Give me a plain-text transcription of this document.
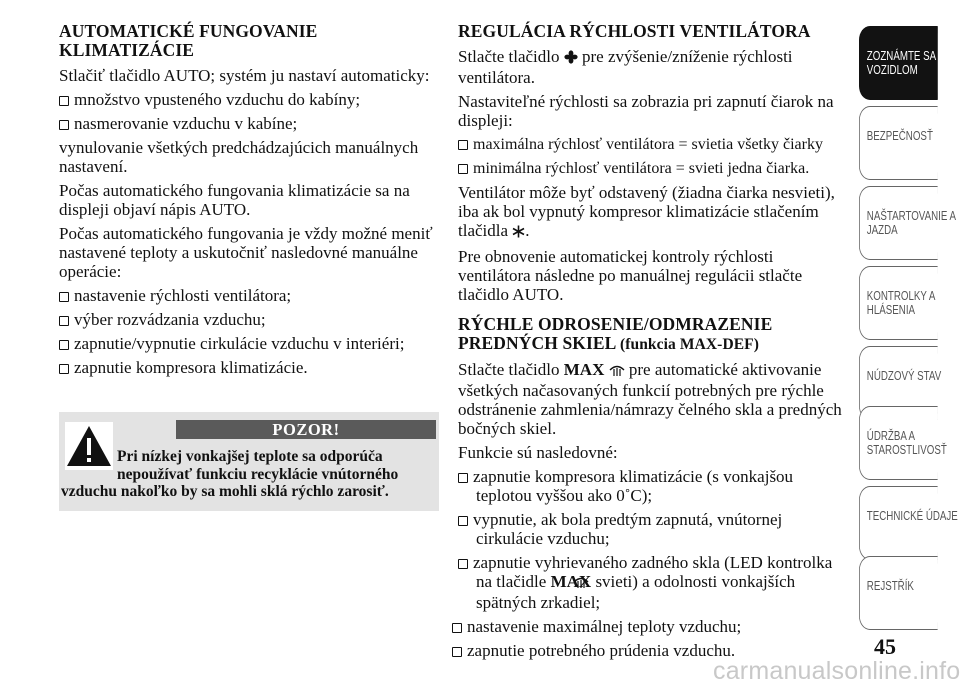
AUTOMATICKÉ FUNGOVANIE
KLIMATIZÁCIE

Stlačiť tlačidlo AUTO; systém ju nastaví automaticky:

množstvo vpusteného vzduchu do kabíny;
nasmerovanie vzduchu v kabíne;

vynulovanie všetkých predchádzajúcich manuálnych nastavení.

Počas automatického fungovania klimatizácie sa na displeji objaví nápis AUTO.

Počas automatického fungovania je vždy možné meniť nastavené teploty a uskutočniť nasledovné manuálne operácie:

nastavenie rýchlosti ventilátora;
výber rozvádzania vzduchu;
zapnutie/vypnutie cirkulácie vzduchu v interiéri;
zapnutie kompresora klimatizácie.
POZOR!
Pri nízkej vonkajšej teplote sa odporúča
nepoužívať funkciu recyklácie vnútorného
vzduchu nakoľko by sa mohli sklá rýchlo zarosiť.
REGULÁCIA RÝCHLOSTI VENTILÁTORA

Stlačte tlačidlo pre zvýšenie/zníženie rýchlosti ventilátora.

Nastaviteľné rýchlosti sa zobrazia pri zapnutí čiarok na displeji:

maximálna rýchlosť ventilátora = svietia všetky čiarky
minimálna rýchlosť ventilátora = svieti jedna čiarka.

Ventilátor môže byť odstavený (žiadna čiarka nesvieti), iba ak bol vypnutý kompresor klimatizácie stlačením tlačidla .

Pre obnovenie automatickej kontroly rýchlosti ventilátora následne po manuálnej regulácii stlačte tlačidlo AUTO.

RÝCHLE ODROSENIE/ODMRAZENIE
PREDNÝCH SKIEL (funkcia MAX-DEF)

Stlačte tlačidlo MAX pre automatické aktivovanie všetkých načasovaných funkcií potrebných pre rýchle odstránenie zahmlenia/námrazy čelného skla a predných bočných skiel.

Funkcie sú nasledovné:

zapnutie kompresora klimatizácie (s vonkajšou teplotou vyššou ako 0˚C);
vypnutie, ak bola predtým zapnutá, vnútornej cirkulácie vzduchu;
zapnutie vyhrievaného zadného skla (LED kontrolka na tlačidle MAX svieti) a odolnosti vonkajších spätných zrkadiel;
nastavenie maximálnej teploty vzduchu;
zapnutie potrebného prúdenia vzduchu.
ZOZNÁMTE SA S VOZIDLOM
BEZPEČNOSŤ
NAŠTARTOVANIE A JAZDA
KONTROLKY A HLÁSENIA
NÚDZOVÝ STAV
ÚDRŽBA A STAROSTLIVOSŤ
TECHNICKÉ ÚDAJE
REJSTŘÍK
45
carmanualsonline.info
